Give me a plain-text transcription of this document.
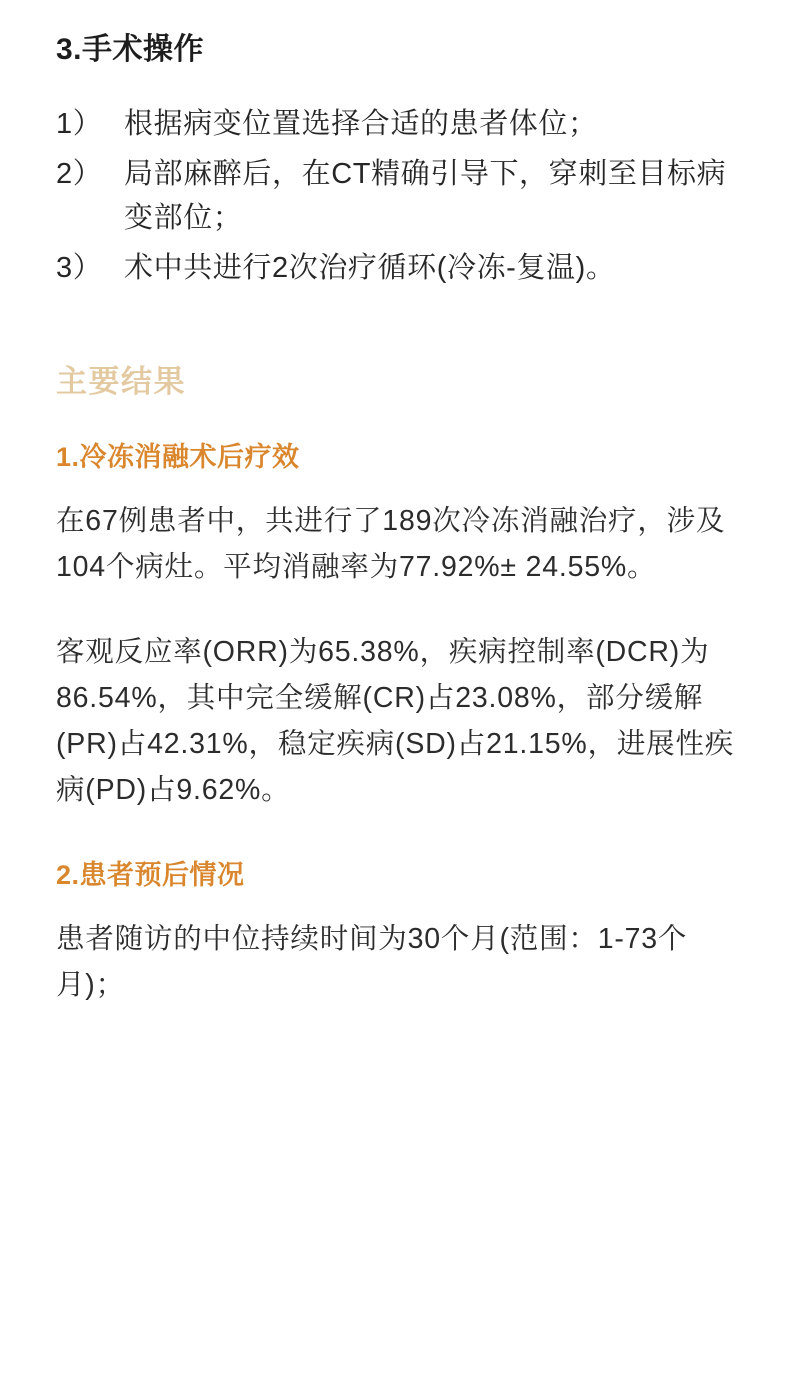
3.手术操作
1） 根据病变位置选择合适的患者体位；
2） 局部麻醉后，在CT精确引导下，穿刺至目标病变部位；
3） 术中共进行2次治疗循环(冷冻-复温)。
主要结果
1.冷冻消融术后疗效

在67例患者中，共进行了189次冷冻消融治疗，涉及104个病灶。平均消融率为77.92%± 24.55%。

客观反应率(ORR)为65.38%，疾病控制率(DCR)为86.54%，其中完全缓解(CR)占23.08%，部分缓解(PR)占42.31%，稳定疾病(SD)占21.15%，进展性疾病(PD)占9.62%。

2.患者预后情况

患者随访的中位持续时间为30个月(范围：1-73个月)；
